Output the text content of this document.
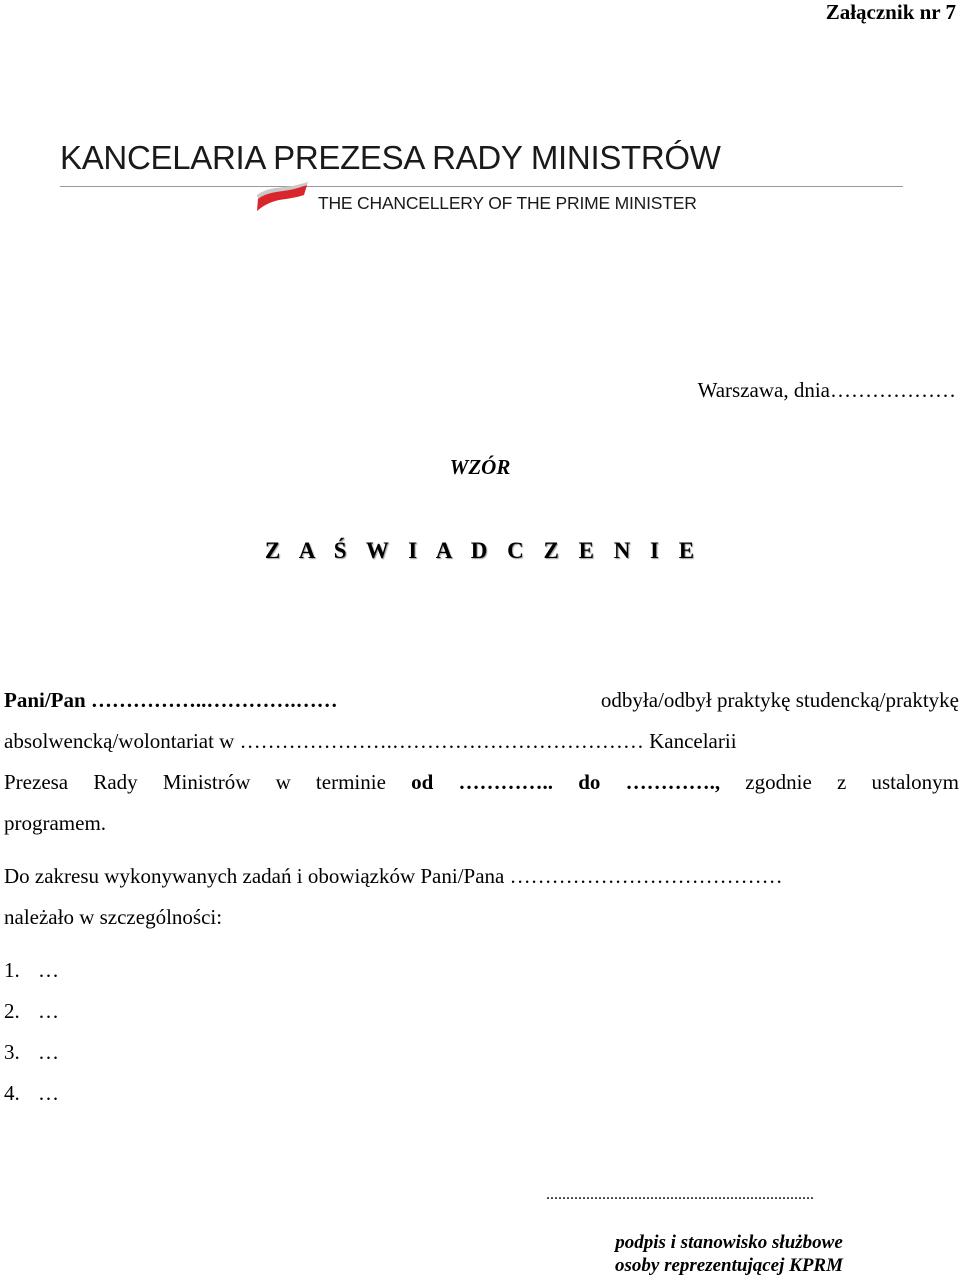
Załącznik nr 7
KANCELARIA PREZESA RADY MINISTRÓW
THE CHANCELLERY OF THE PRIME MINISTER
Warszawa, dnia………………
WZÓR
Z A Ś W I A D C Z E N I E
Pani/Pan ……………..………….……	odbyła/odbył praktykę studencką/praktykę
absolwencką/wolontariat w ………………….……………………………… Kancelarii
Prezesa Rady Ministrów w terminie od ………….. do …………., zgodnie z ustalonym
programem.
Do zakresu wykonywanych zadań i obowiązków Pani/Pana …………………………………
należało w szczególności:
1. …
2. …
3. …
4. …
...................................................................
podpis i stanowisko służbowe
osoby reprezentującej KPRM
